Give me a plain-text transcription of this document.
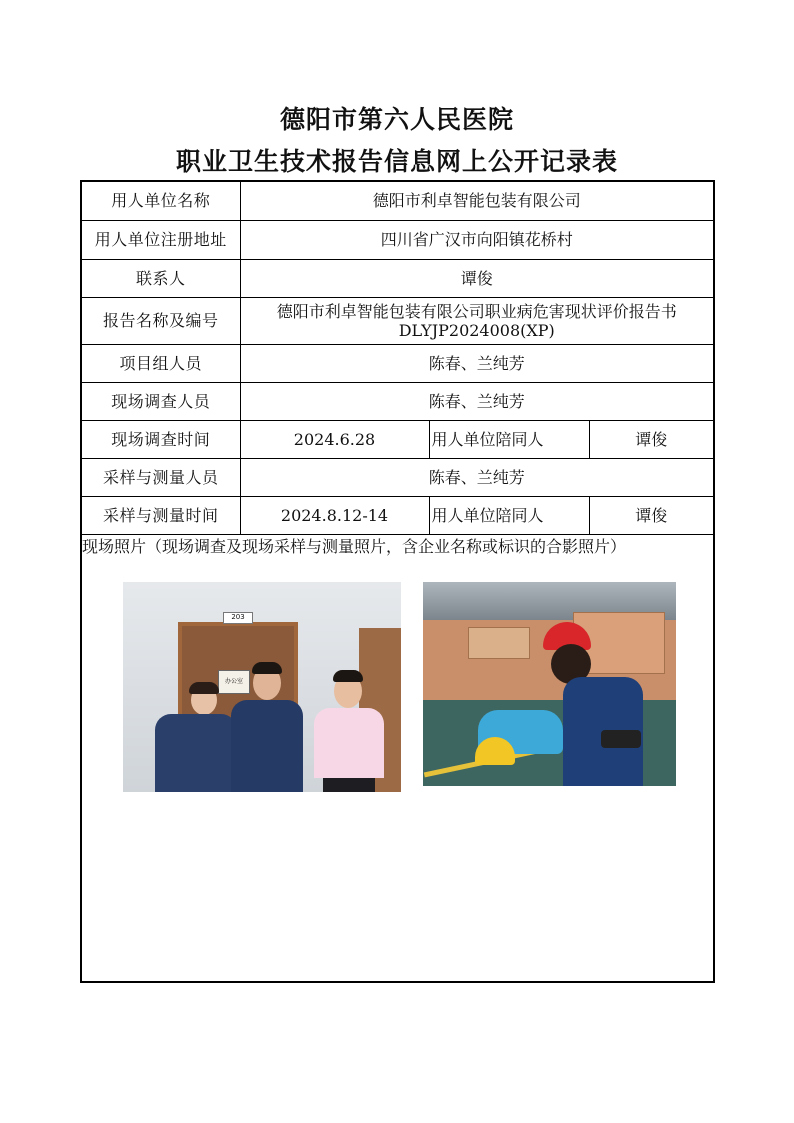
德阳市第六人民医院
职业卫生技术报告信息网上公开记录表
用人单位名称	德阳市利卓智能包装有限公司		
用人单位注册地址	四川省广汉市向阳镇花桥村		
联系人	谭俊		
报告名称及编号	德阳市利卓智能包装有限公司职业病危害现状评价报告书
DLYJP2024008(XP)		

项目组人员	陈春、兰纯芳		
现场调查人员	陈春、兰纯芳		
现场调查时间	2024.6.28	用人单位陪同人	谭俊
采样与测量人员	陈春、兰纯芳		
采样与测量时间	2024.8.12-14	用人单位陪同人	谭俊
现场照片（现场调查及现场采样与测量照片，含企业名称或标识的合影照片）			
203
办公室
